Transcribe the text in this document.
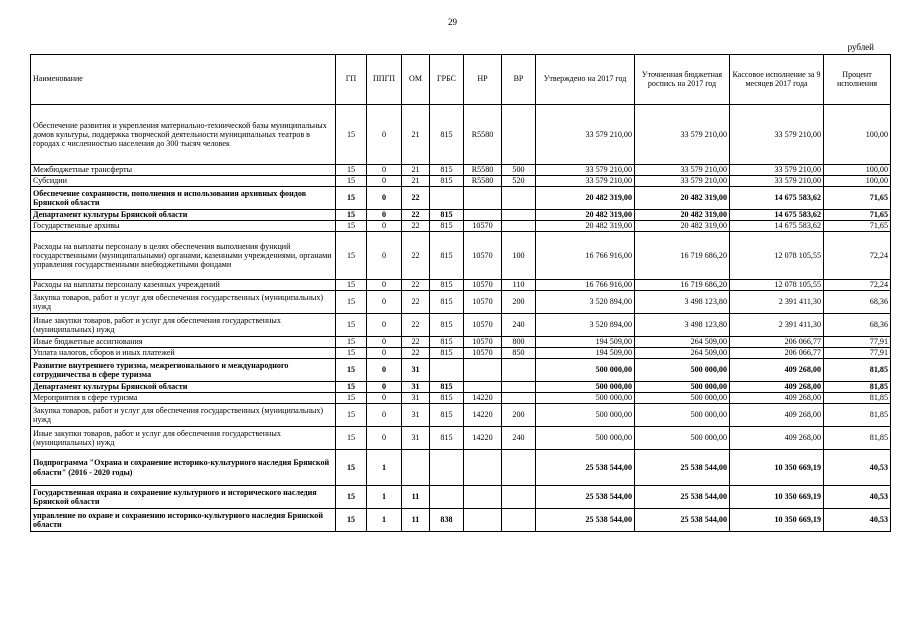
29
рублей
Наименование	ГП	ППГП	ОМ	ГРБС	НР	ВР	Утверждено на 2017 год	Уточненная бюджетная роспись на 2017 год	Кассовое исполнение за 9 месяцев 2017 года	Процент исполнения
Обеспечение развития и укрепления материально-технической базы муниципальных домов культуры, поддержка творческой деятельности муниципальных театров в городах с численностью населения до 300 тысяч человек	15	0	21	815	R5580		33 579 210,00	33 579 210,00	33 579 210,00	100,00
Межбюджетные трансферты	15	0	21	815	R5580	500	33 579 210,00	33 579 210,00	33 579 210,00	100,00
Субсидии	15	0	21	815	R5580	520	33 579 210,00	33 579 210,00	33 579 210,00	100,00
Обеспечение сохранности, пополнения и использования архивных фондов Брянской области	15	0	22				20 482 319,00	20 482 319,00	14 675 583,62	71,65
Департамент культуры Брянской области	15	0	22	815			20 482 319,00	20 482 319,00	14 675 583,62	71,65
Государственные архивы	15	0	22	815	10570		20 482 319,00	20 482 319,00	14 675 583,62	71,65
Расходы на выплаты персоналу в целях обеспечения выполнения функций государственными (муниципальными) органами, казенными учреждениями, органами управления государственными внебюджетными фондами	15	0	22	815	10570	100	16 766 916,00	16 719 686,20	12 078 105,55	72,24
Расходы на выплаты персоналу казенных учреждений	15	0	22	815	10570	110	16 766 916,00	16 719 686,20	12 078 105,55	72,24
Закупка товаров, работ и услуг для обеспечения государственных (муниципальных) нужд	15	0	22	815	10570	200	3 520 894,00	3 498 123,80	2 391 411,30	68,36
Иные закупки товаров, работ и услуг для обеспечения государственных (муниципальных) нужд	15	0	22	815	10570	240	3 520 894,00	3 498 123,80	2 391 411,30	68,36
Иные бюджетные ассигнования	15	0	22	815	10570	800	194 509,00	264 509,00	206 066,77	77,91
Уплата налогов, сборов и иных платежей	15	0	22	815	10570	850	194 509,00	264 509,00	206 066,77	77,91
Развитие внутреннего туризма, межрегионального и международного сотрудничества в сфере туризма	15	0	31				500 000,00	500 000,00	409 268,00	81,85
Департамент культуры Брянской области	15	0	31	815			500 000,00	500 000,00	409 268,00	81,85
Мероприятия в сфере туризма	15	0	31	815	14220		500 000,00	500 000,00	409 268,00	81,85
Закупка товаров, работ и услуг для обеспечения государственных (муниципальных) нужд	15	0	31	815	14220	200	500 000,00	500 000,00	409 268,00	81,85
Иные закупки товаров, работ и услуг для обеспечения государственных (муниципальных) нужд	15	0	31	815	14220	240	500 000,00	500 000,00	409 268,00	81,85
Подпрограмма "Охрана и сохранение историко-культурного наследия Брянской области" (2016 - 2020 годы)	15	1					25 538 544,00	25 538 544,00	10 350 669,19	40,53
Государственная охрана и сохранение культурного и исторического наследия Брянской области	15	1	11				25 538 544,00	25 538 544,00	10 350 669,19	40,53
управление по охране и сохранению историко-культурного наследия Брянской области	15	1	11	838			25 538 544,00	25 538 544,00	10 350 669,19	40,53
